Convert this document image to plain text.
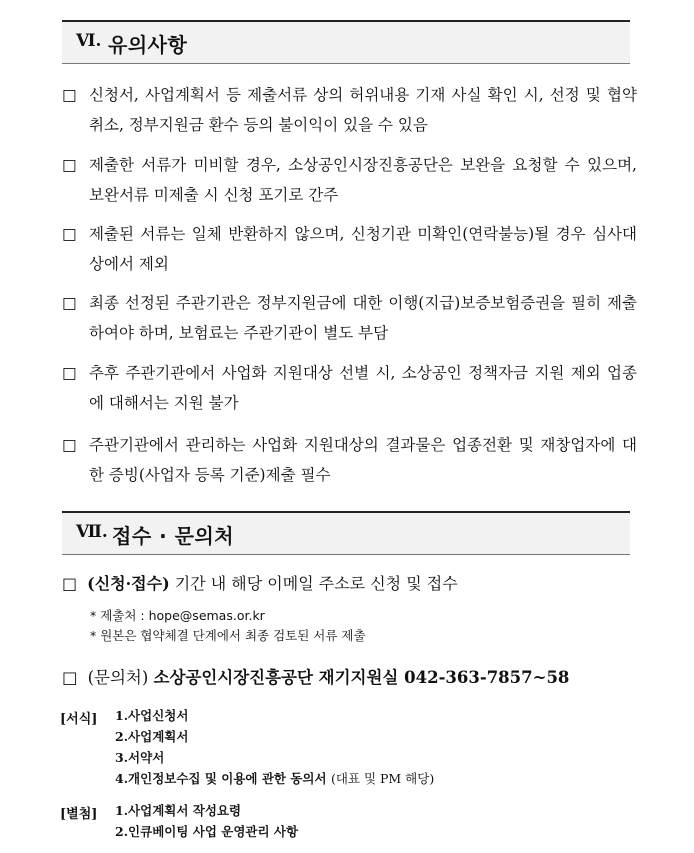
Ⅵ. 유의사항
□ 신청서, 사업계획서 등 제출서류 상의 허위내용 기재 사실 확인 시, 선정 및 협약 취소, 정부지원금 환수 등의 불이익이 있을 수 있음
□ 제출한 서류가 미비할 경우, 소상공인시장진흥공단은 보완을 요청할 수 있으며, 보완서류 미제출 시 신청 포기로 간주
□ 제출된 서류는 일체 반환하지 않으며, 신청기관 미확인(연락불능)될 경우 심사대상에서 제외
□ 최종 선정된 주관기관은 정부지원금에 대한 이행(지급)보증보험증권을 필히 제출하여야 하며, 보험료는 주관기관이 별도 부담
□ 추후 주관기관에서 사업화 지원대상 선별 시, 소상공인 정책자금 지원 제외 업종에 대해서는 지원 불가
□ 주관기관에서 관리하는 사업화 지원대상의 결과물은 업종전환 및 재창업자에 대한 증빙(사업자 등록 기준)제출 필수
Ⅶ. 접수 · 문의처
□ (신청·접수) 기간 내 해당 이메일 주소로 신청 및 접수
* 제출처 : hope@semas.or.kr
* 원본은 협약체결 단계에서 최종 검토된 서류 제출
□ (문의처) 소상공인시장진흥공단 재기지원실 042-363-7857~58
[서식] 1.사업신청서
2.사업계획서
3.서약서
4.개인정보수집 및 이용에 관한 동의서 (대표 및 PM 해당)
[별첨] 1.사업계획서 작성요령
2.인큐베이팅 사업 운영관리 사항
